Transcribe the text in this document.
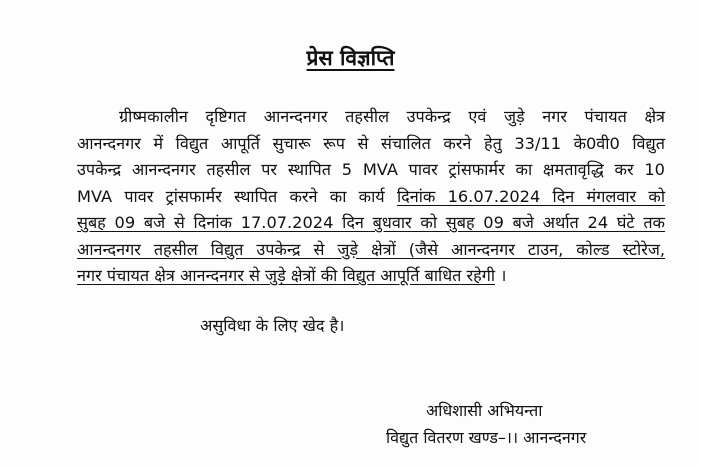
प्रेस विज्ञप्ति
ग्रीष्मकालीन दृष्टिगत आनन्दनगर तहसील उपकेन्द्र एवं जुड़े नगर पंचायत क्षेत्र
आनन्दनगर में विद्युत आपूर्ति सुचारू रूप से संचालित करने हेतु 33/11 के0वी0 विद्युत
उपकेन्द्र आनन्दनगर तहसील पर स्थापित 5 MVA पावर ट्रांसफार्मर का क्षमतावृद्धि कर 10
MVA पावर ट्रांसफार्मर स्थापित करने का कार्य दिनांक 16.07.2024 दिन मंगलवार को
सुबह 09 बजे से दिनांक 17.07.2024 दिन बुधवार को सुबह 09 बजे अर्थात 24 घंटे तक
आनन्दनगर तहसील विद्युत उपकेन्द्र से जुड़े क्षेत्रों (जैसे आनन्दनगर टाउन, कोल्ड स्टोरेज,
नगर पंचायत क्षेत्र आनन्दनगर से जुड़े क्षेत्रों की विद्युत आपूर्ति बाधित रहेगी ।
असुविधा के लिए खेद है।
अधिशासी अभियन्ता
विद्युत वितरण खण्ड–।। आनन्दनगर
